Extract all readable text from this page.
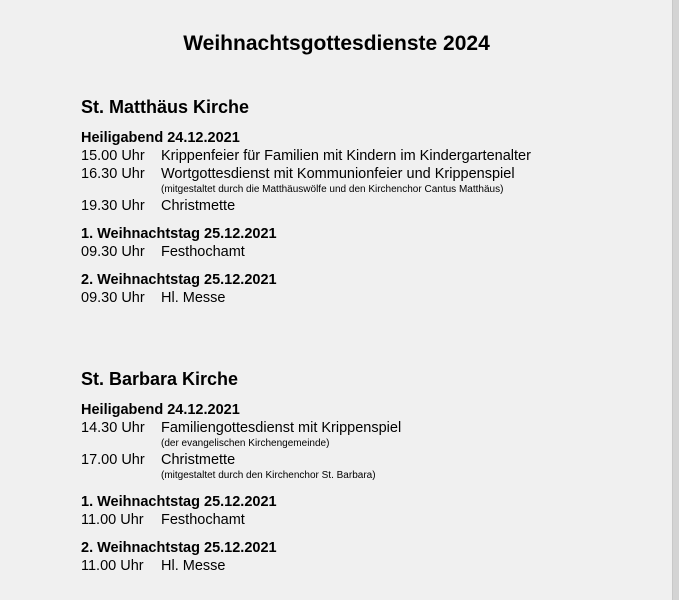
Weihnachtsgottesdienste 2024
St. Matthäus Kirche
Heiligabend 24.12.2021
15.00 Uhr	Krippenfeier für Familien mit Kindern im Kindergartenalter
16.30 Uhr	Wortgottesdienst mit Kommunionfeier und Krippenspiel
(mitgestaltet durch die Matthäuswölfe und den Kirchenchor Cantus Matthäus)
19.30 Uhr	Christmette
1. Weihnachtstag 25.12.2021
09.30 Uhr	Festhochamt
2. Weihnachtstag 25.12.2021
09.30 Uhr	Hl. Messe
St. Barbara Kirche
Heiligabend 24.12.2021
14.30 Uhr	Familiengottesdienst mit Krippenspiel
(der evangelischen Kirchengemeinde)
17.00 Uhr	Christmette
(mitgestaltet durch den Kirchenchor St. Barbara)
1. Weihnachtstag 25.12.2021
11.00 Uhr	Festhochamt
2. Weihnachtstag 25.12.2021
11.00 Uhr	Hl. Messe
